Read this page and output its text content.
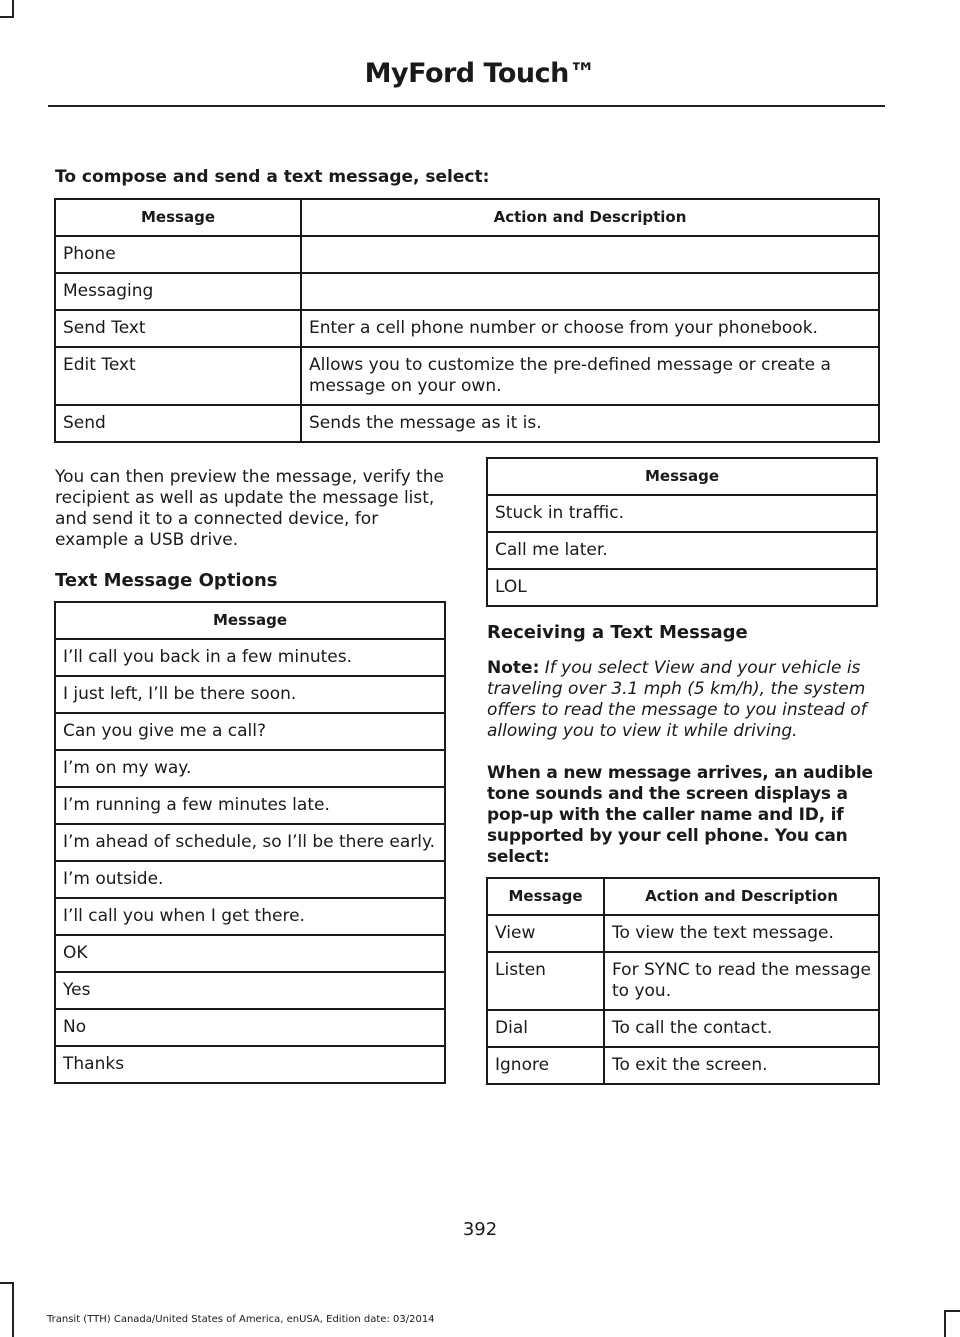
MyFord Touch™

To compose and send a text message, select:

Message	Action and Description
Phone	
Messaging	
Send Text	Enter a cell phone number or choose from your phonebook.
Edit Text	Allows you to customize the pre-defined message or create a message on your own.
Send	Sends the message as it is.

You can then preview the message, verify the recipient as well as update the message list, and send it to a connected device, for example a USB drive.

Text Message Options

Message
I’ll call you back in a few minutes.
I just left, I’ll be there soon.
Can you give me a call?
I’m on my way.
I’m running a few minutes late.
I’m ahead of schedule, so I’ll be there early.
I’m outside.
I’ll call you when I get there.
OK
Yes
No
Thanks
Message
Stuck in traffic.
Call me later.
LOL

Receiving a Text Message

Note: If you select View and your vehicle is traveling over 3.1 mph (5 km/h), the system offers to read the message to you instead of allowing you to view it while driving.

When a new message arrives, an audible tone sounds and the screen displays a pop-up with the caller name and ID, if supported by your cell phone. You can select:

Message	Action and Description
View	To view the text message.
Listen	For SYNC to read the message to you.
Dial	To call the contact.
Ignore	To exit the screen.
392
Transit (TTH) Canada/United States of America, enUSA, Edition date: 03/2014
